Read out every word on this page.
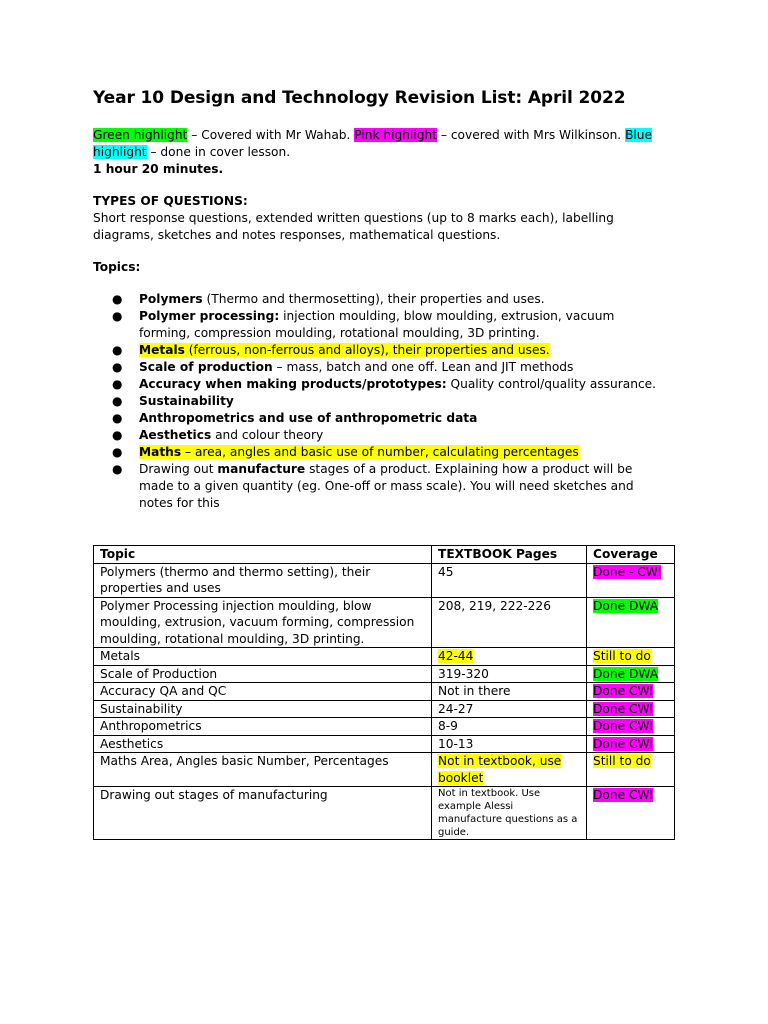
Year 10 Design and Technology Revision List: April 2022
Green highlight – Covered with Mr Wahab. Pink highlight – covered with Mrs Wilkinson. Blue highlight – done in cover lesson.
1 hour 20 minutes.
TYPES OF QUESTIONS:
Short response questions, extended written questions (up to 8 marks each), labelling diagrams, sketches and notes responses, mathematical questions.
Topics:
● Polymers (Thermo and thermosetting), their properties and uses.
● Polymer processing: injection moulding, blow moulding, extrusion, vacuum forming, compression moulding, rotational moulding, 3D printing.
● Metals (ferrous, non-ferrous and alloys), their properties and uses.
● Scale of production – mass, batch and one off. Lean and JIT methods
● Accuracy when making products/prototypes: Quality control/quality assurance.
● Sustainability
● Anthropometrics and use of anthropometric data
● Aesthetics and colour theory
● Maths – area, angles and basic use of number, calculating percentages
● Drawing out manufacture stages of a product. Explaining how a product will be made to a given quantity (eg. One-off or mass scale). You will need sketches and notes for this
Topic	TEXTBOOK Pages	Coverage
Polymers (thermo and thermo setting), their properties and uses	45	Done - CWI
Polymer Processing injection moulding, blow moulding, extrusion, vacuum forming, compression moulding, rotational moulding, 3D printing.	208, 219, 222-226	Done DWA
Metals	42-44	Still to do
Scale of Production	319-320	Done DWA
Accuracy QA and QC	Not in there	Done CWI
Sustainability	24-27	Done CWI
Anthropometrics	8-9	Done CWI
Aesthetics	10-13	Done CWI
Maths Area, Angles basic Number, Percentages	Not in textbook, use booklet	Still to do
Drawing out stages of manufacturing	Not in textbook. Use example Alessi manufacture questions as a guide.	Done CWI
